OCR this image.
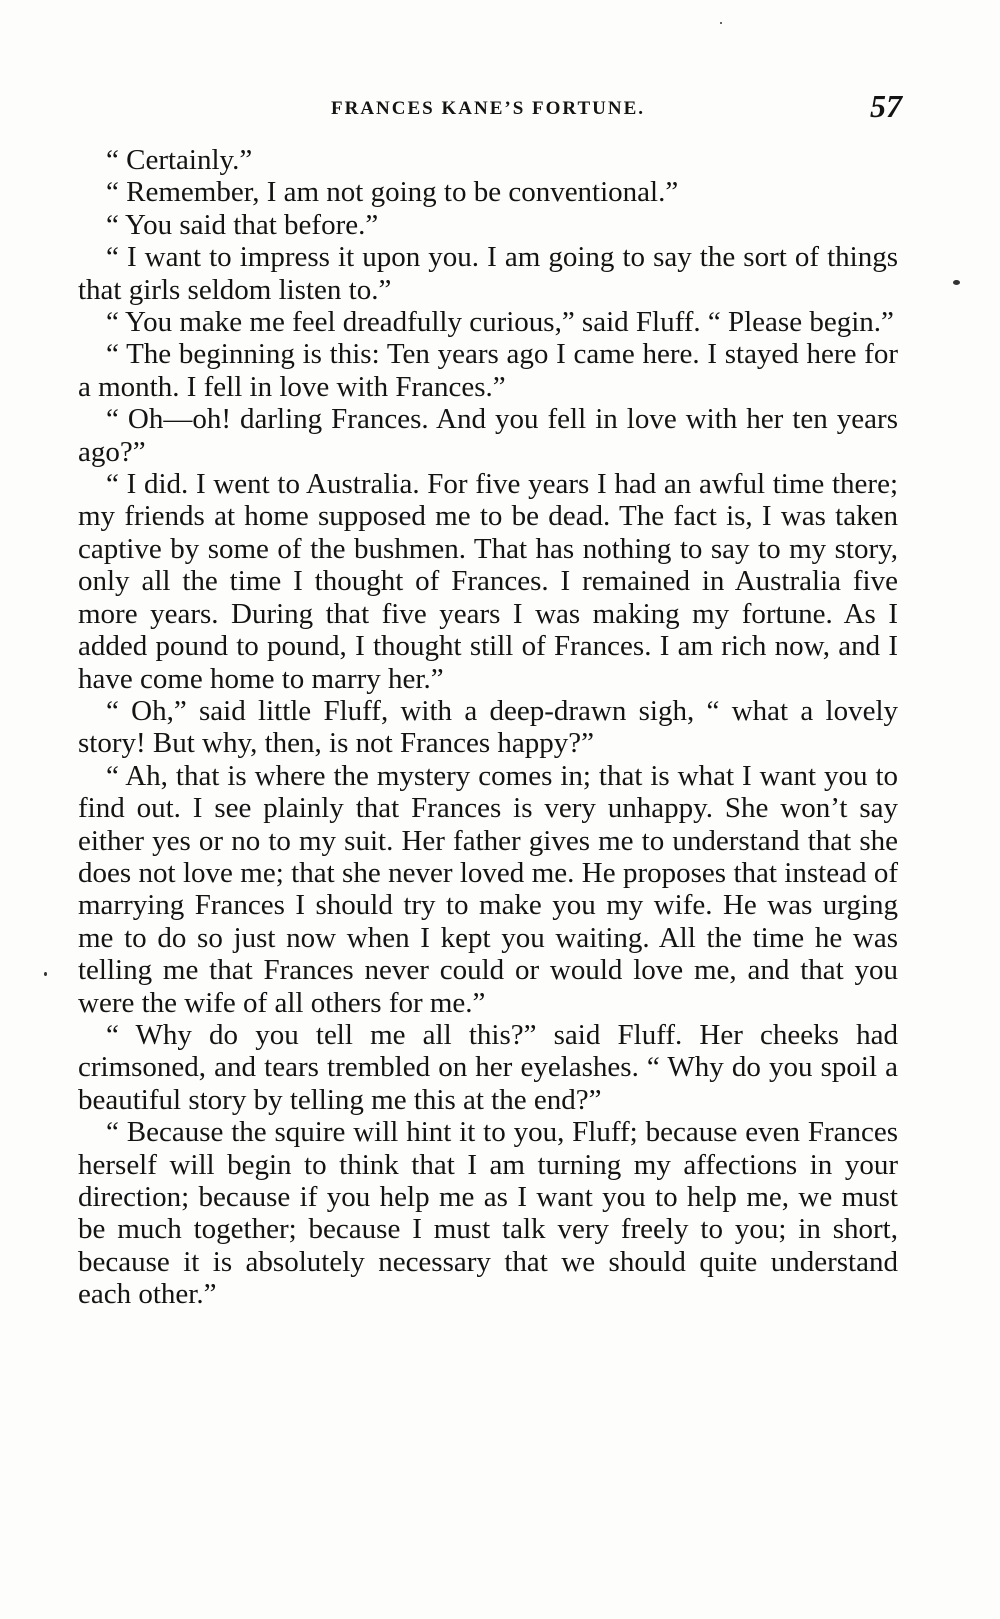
FRANCES KANE’S FORTUNE.	57

“ Certainly.”

“ Remember, I am not going to be conventional.”

“ You said that before.”

“ I want to impress it upon you. I am going to say the sort of things that girls seldom listen to.”

“ You make me feel dreadfully curious,” said Fluff. “ Please begin.”

“ The beginning is this: Ten years ago I came here. I stayed here for a month. I fell in love with Frances.”

“ Oh—oh! darling Frances. And you fell in love with her ten years ago?”

“ I did. I went to Australia. For five years I had an awful time there; my friends at home supposed me to be dead. The fact is, I was taken captive by some of the bushmen. That has nothing to say to my story, only all the time I thought of Frances. I remained in Australia five more years. During that five years I was making my fortune. As I added pound to pound, I thought still of Frances. I am rich now, and I have come home to marry her.”

“ Oh,” said little Fluff, with a deep-drawn sigh, “ what a lovely story! But why, then, is not Frances happy?”

“ Ah, that is where the mystery comes in; that is what I want you to find out. I see plainly that Frances is very unhappy. She won’t say either yes or no to my suit. Her father gives me to understand that she does not love me; that she never loved me. He proposes that instead of marrying Frances I should try to make you my wife. He was urging me to do so just now when I kept you waiting. All the time he was telling me that Frances never could or would love me, and that you were the wife of all others for me.”

“ Why do you tell me all this?” said Fluff. Her cheeks had crimsoned, and tears trembled on her eyelashes. “ Why do you spoil a beautiful story by telling me this at the end?”

“ Because the squire will hint it to you, Fluff; because even Frances herself will begin to think that I am turning my affections in your direction; because if you help me as I want you to help me, we must be much together; because I must talk very freely to you; in short, because it is absolutely necessary that we should quite understand each other.”
